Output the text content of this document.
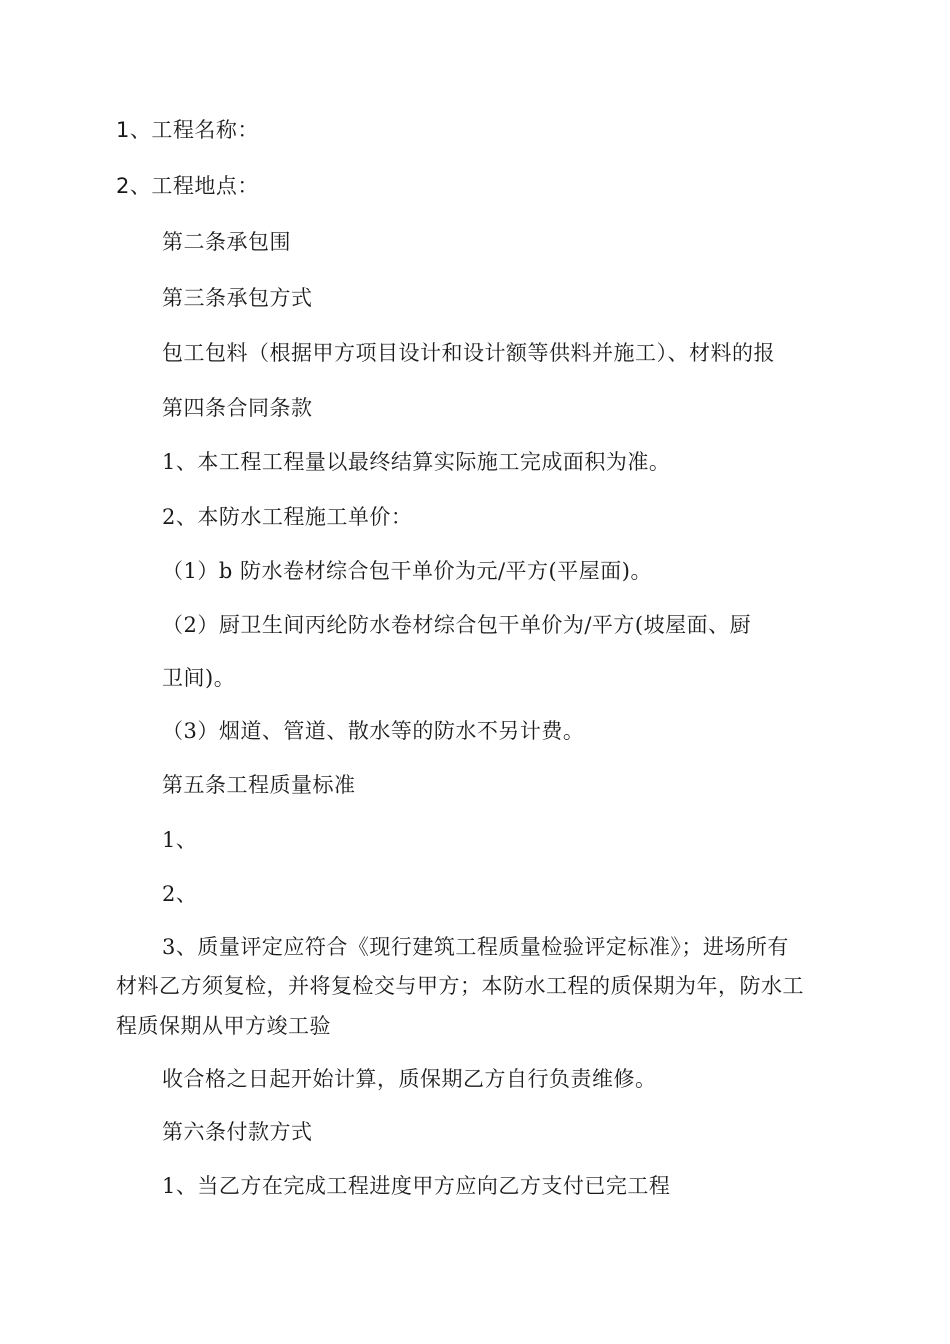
1、工程名称：
2、工程地点：
第二条承包围
第三条承包方式
包工包料（根据甲方项目设计和设计额等供料并施工）、材料的报
第四条合同条款
1、本工程工程量以最终结算实际施工完成面积为准。
2、本防水工程施工单价：
（1）b 防水卷材综合包干单价为元/平方(平屋面)。
（2）厨卫生间丙纶防水卷材综合包干单价为/平方(坡屋面、厨
卫间)。
（3）烟道、管道、散水等的防水不另计费。
第五条工程质量标准
1、
2、
3、质量评定应符合《现行建筑工程质量检验评定标准》；进场所有
材料乙方须复检，并将复检交与甲方；本防水工程的质保期为年，防水工
程质保期从甲方竣工验
收合格之日起开始计算，质保期乙方自行负责维修。
第六条付款方式
1、当乙方在完成工程进度甲方应向乙方支付已完工程
